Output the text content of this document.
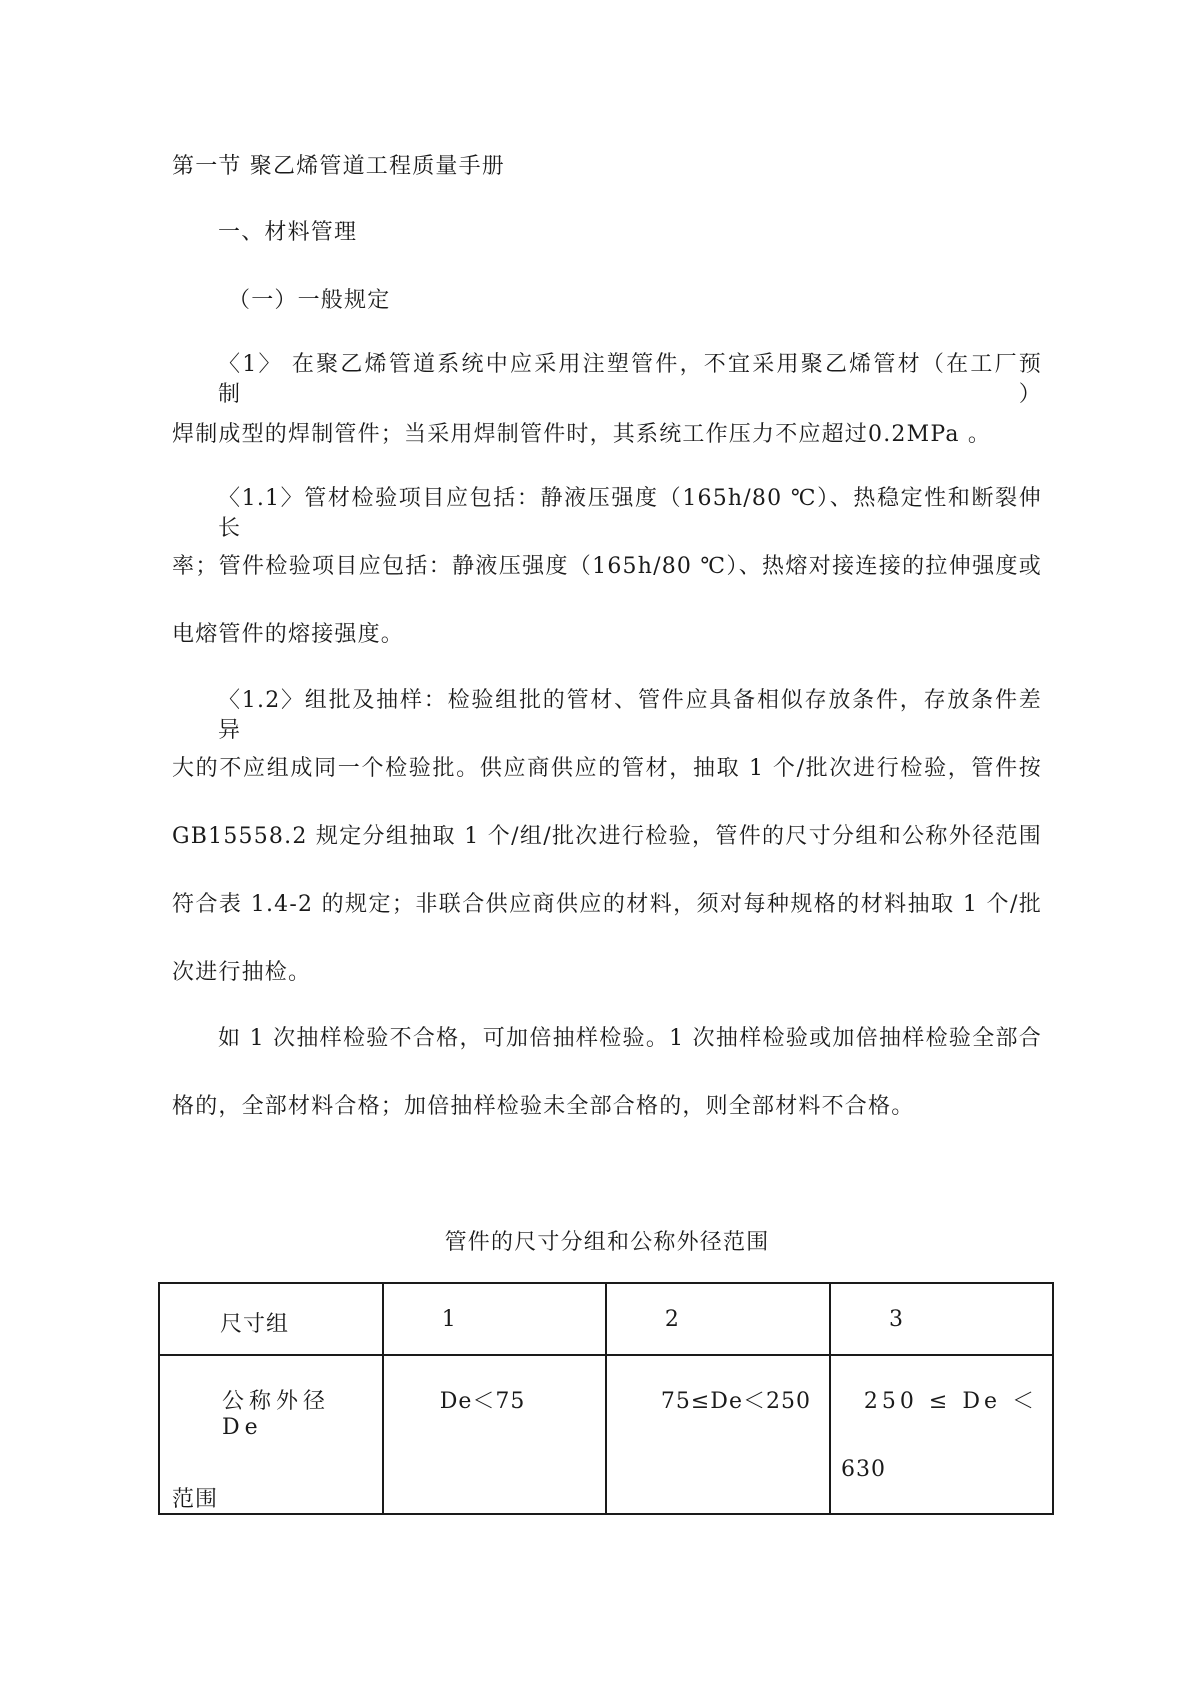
第一节 聚乙烯管道工程质量手册
一、材料管理
（一）一般规定
〈1〉 在聚乙烯管道系统中应采用注塑管件，不宜采用聚乙烯管材（在工厂预制）
焊制成型的焊制管件；当采用焊制管件时，其系统工作压力不应超过0.2MPa 。
〈1.1〉管材检验项目应包括：静液压强度（165h/80 ℃）、热稳定性和断裂伸长
率；管件检验项目应包括：静液压强度（165h/80 ℃）、热熔对接连接的拉伸强度或
电熔管件的熔接强度。
〈1.2〉组批及抽样：检验组批的管材、管件应具备相似存放条件，存放条件差异
大的不应组成同一个检验批。供应商供应的管材，抽取 1 个/批次进行检验，管件按
GB15558.2 规定分组抽取 1 个/组/批次进行检验，管件的尺寸分组和公称外径范围
符合表 1.4-2 的规定；非联合供应商供应的材料，须对每种规格的材料抽取 1 个/批
次进行抽检。
如 1 次抽样检验不合格，可加倍抽样检验。1 次抽样检验或加倍抽样检验全部合
格的，全部材料合格；加倍抽样检验未全部合格的，则全部材料不合格。
管件的尺寸分组和公称外径范围
尺寸组	1	2	3

公称外径 De
范围	De＜75	75≤De＜250	250 ≤ De ＜
630
